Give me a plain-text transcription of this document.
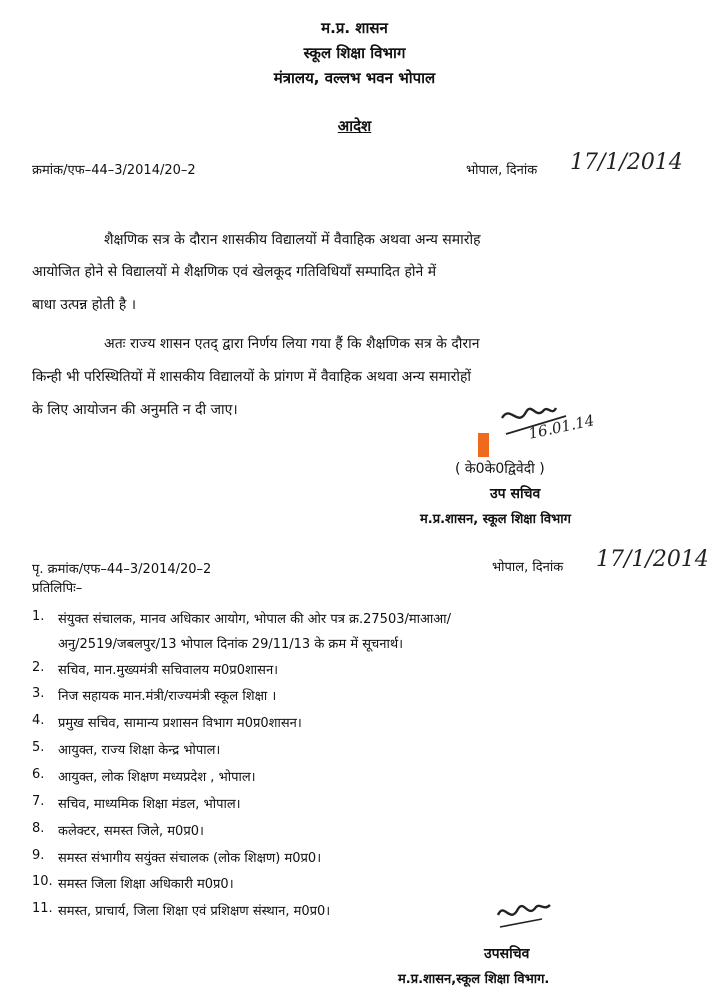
म.प्र. शासन
स्कूल शिक्षा विभाग
मंत्रालय, वल्लभ भवन भोपाल
आदेश
क्रमांक/एफ–44–3/2014/20–2	भोपाल, दिनांक 17/1/2014
शैक्षणिक सत्र के दौरान शासकीय विद्यालयों में वैवाहिक अथवा अन्य समारोह
आयोजित होने से विद्यालयों मे शैक्षणिक एवं खेलकूद गतिविधियॉं सम्पादित होने में
बाधा उत्पन्न होती है ।
अतः राज्य शासन एतद् द्वारा निर्णय लिया गया हैं कि शैक्षणिक सत्र के दौरान
किन्ही भी परिस्थितियों में शासकीय विद्यालयों के प्रांगण में वैवाहिक अथवा अन्य समारोहों
के लिए आयोजन की अनुमति न दी जाए।
16.01.14
( के0के0द्विवेदी )
उप सचिव
म.प्र.शासन, स्कूल शिक्षा विभाग
पृ. क्रमांक/एफ–44–3/2014/20–2	भोपाल, दिनांक 17/1/2014
प्रतिलिपिः–
1. संयुक्त संचालक, मानव अधिकार आयोग, भोपाल की ओर पत्र क्र.27503/माआआ/
अनु/2519/जबलपुर/13 भोपाल दिनांक 29/11/13 के क्रम में सूचनार्थ।
2. सचिव, मान.मुख्यमंत्री सचिवालय म0प्र0शासन।
3. निज सहायक मान.मंत्री/राज्यमंत्री स्कूल शिक्षा ।
4. प्रमुख सचिव, सामान्य प्रशासन विभाग म0प्र0शासन।
5. आयुक्त, राज्य शिक्षा केन्द्र भोपाल।
6. आयुक्त, लोक शिक्षण मध्यप्रदेश , भोपाल।
7. सचिव, माध्यमिक शिक्षा मंडल, भोपाल।
8. कलेक्टर, समस्त जिले, म0प्र0।
9. समस्त संभागीय सयुंक्त संचालक (लोक शिक्षण) म0प्र0।
10. समस्त जिला शिक्षा अधिकारी म0प्र0।
11. समस्त, प्राचार्य, जिला शिक्षा एवं प्रशिक्षण संस्थान, म0प्र0।
उपसचिव
म.प्र.शासन,स्कूल शिक्षा विभाग.
